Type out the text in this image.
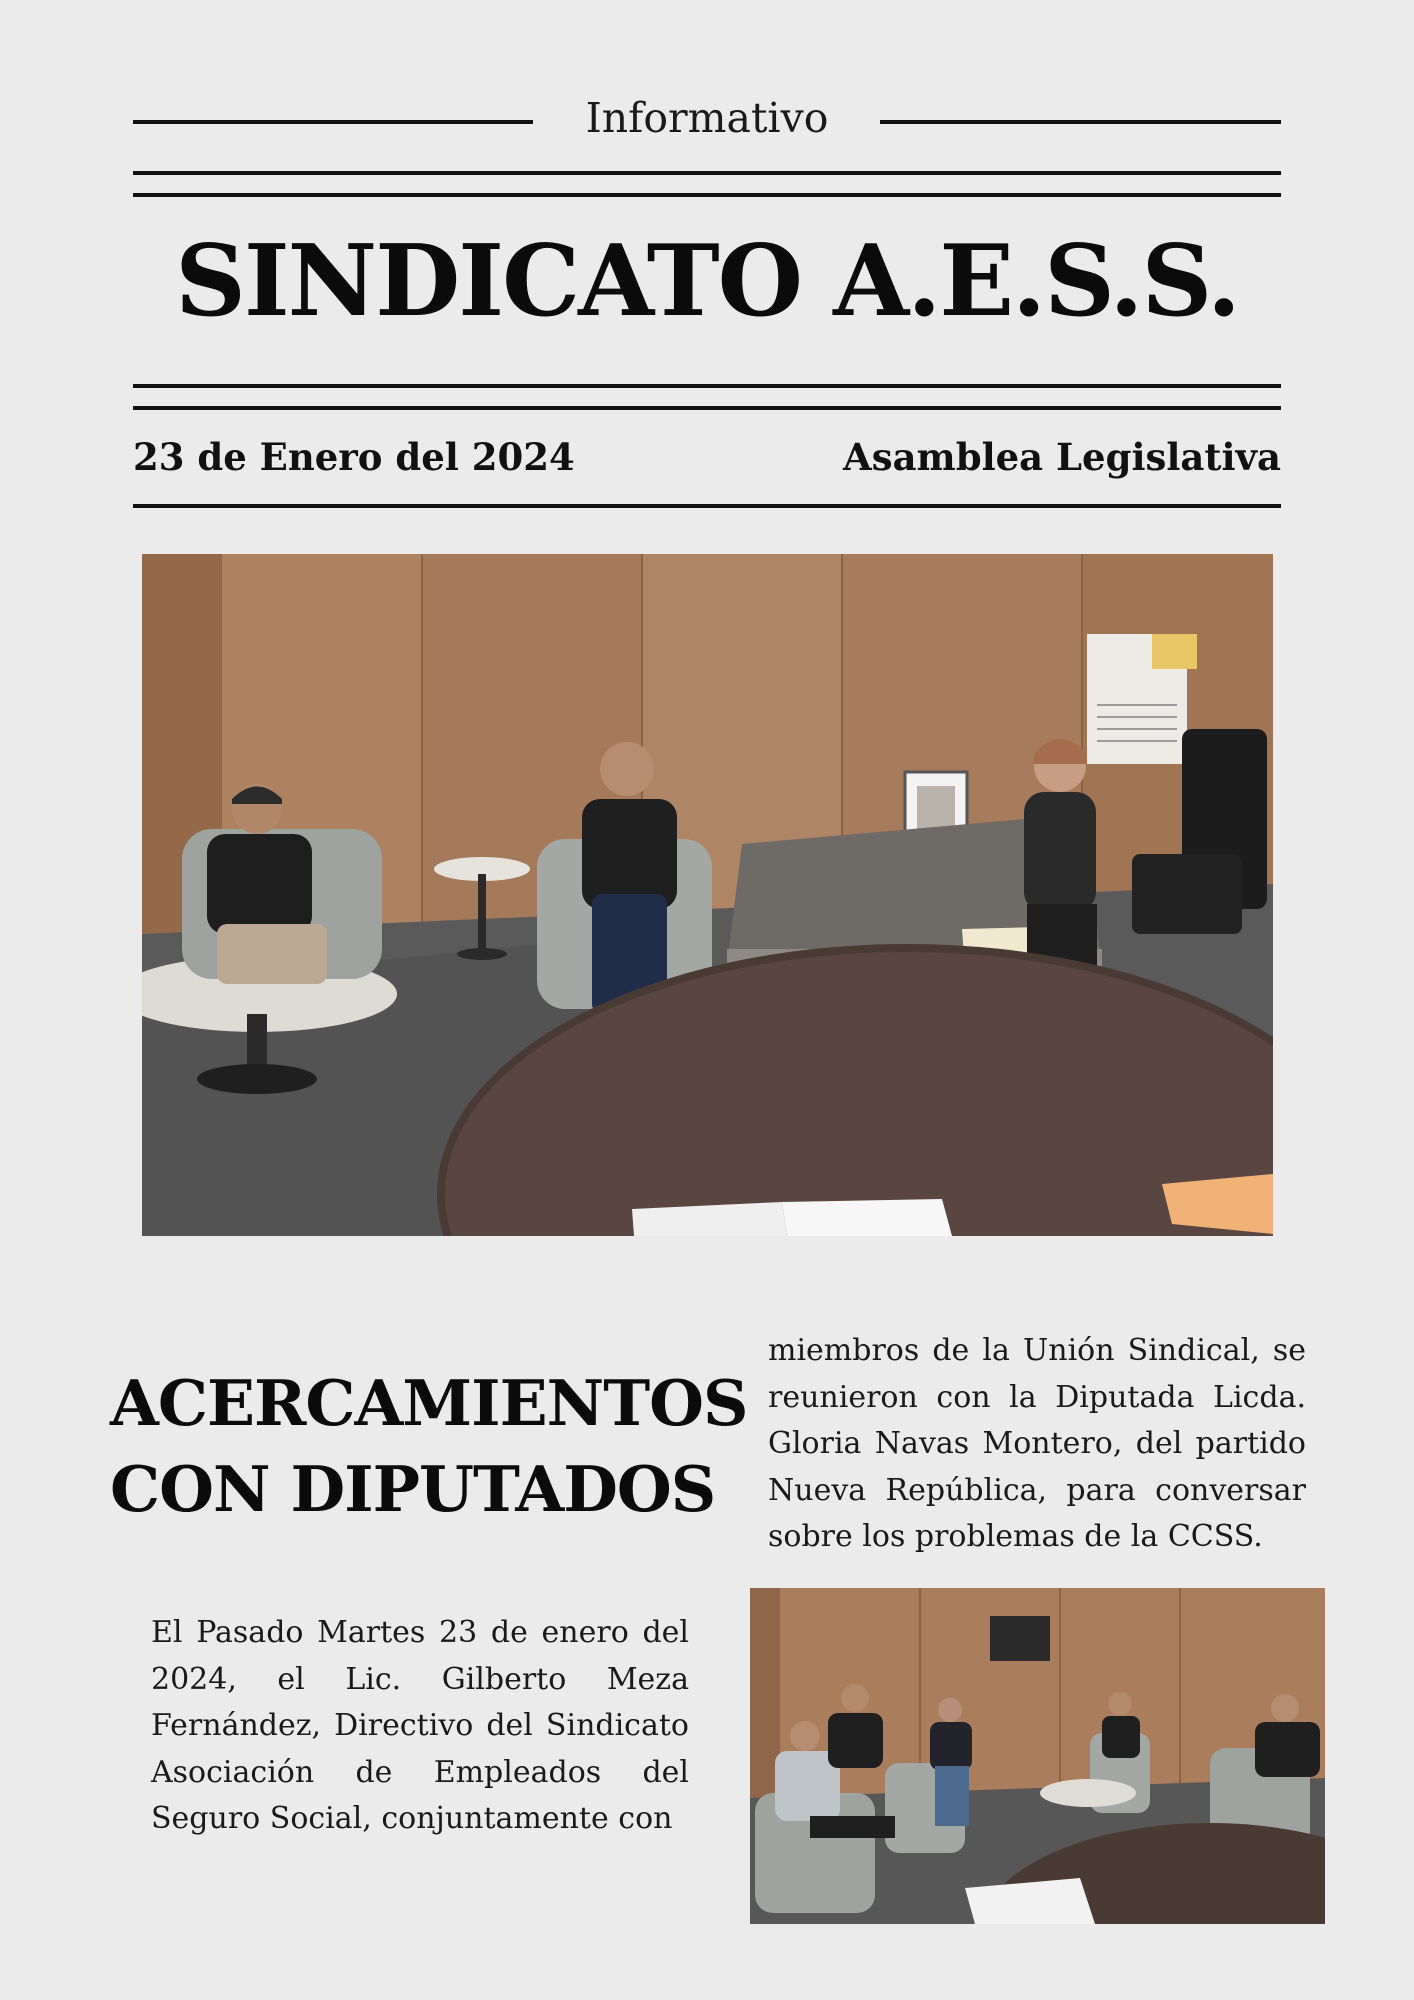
Informativo
SINDICATO A.E.S.S.
23 de Enero del 2024	Asamblea Legislativa
ACERCAMIENTOS
CON DIPUTADOS

miembros de la Unión Sindical, se reunieron con la Diputada Licda. Gloria Navas Montero, del partido Nueva República, para conversar sobre los problemas de la CCSS.

El Pasado Martes 23 de enero del 2024, el Lic. Gilberto Meza Fernández, Directivo del Sindicato Asociación de Empleados del Seguro Social, conjuntamente con
